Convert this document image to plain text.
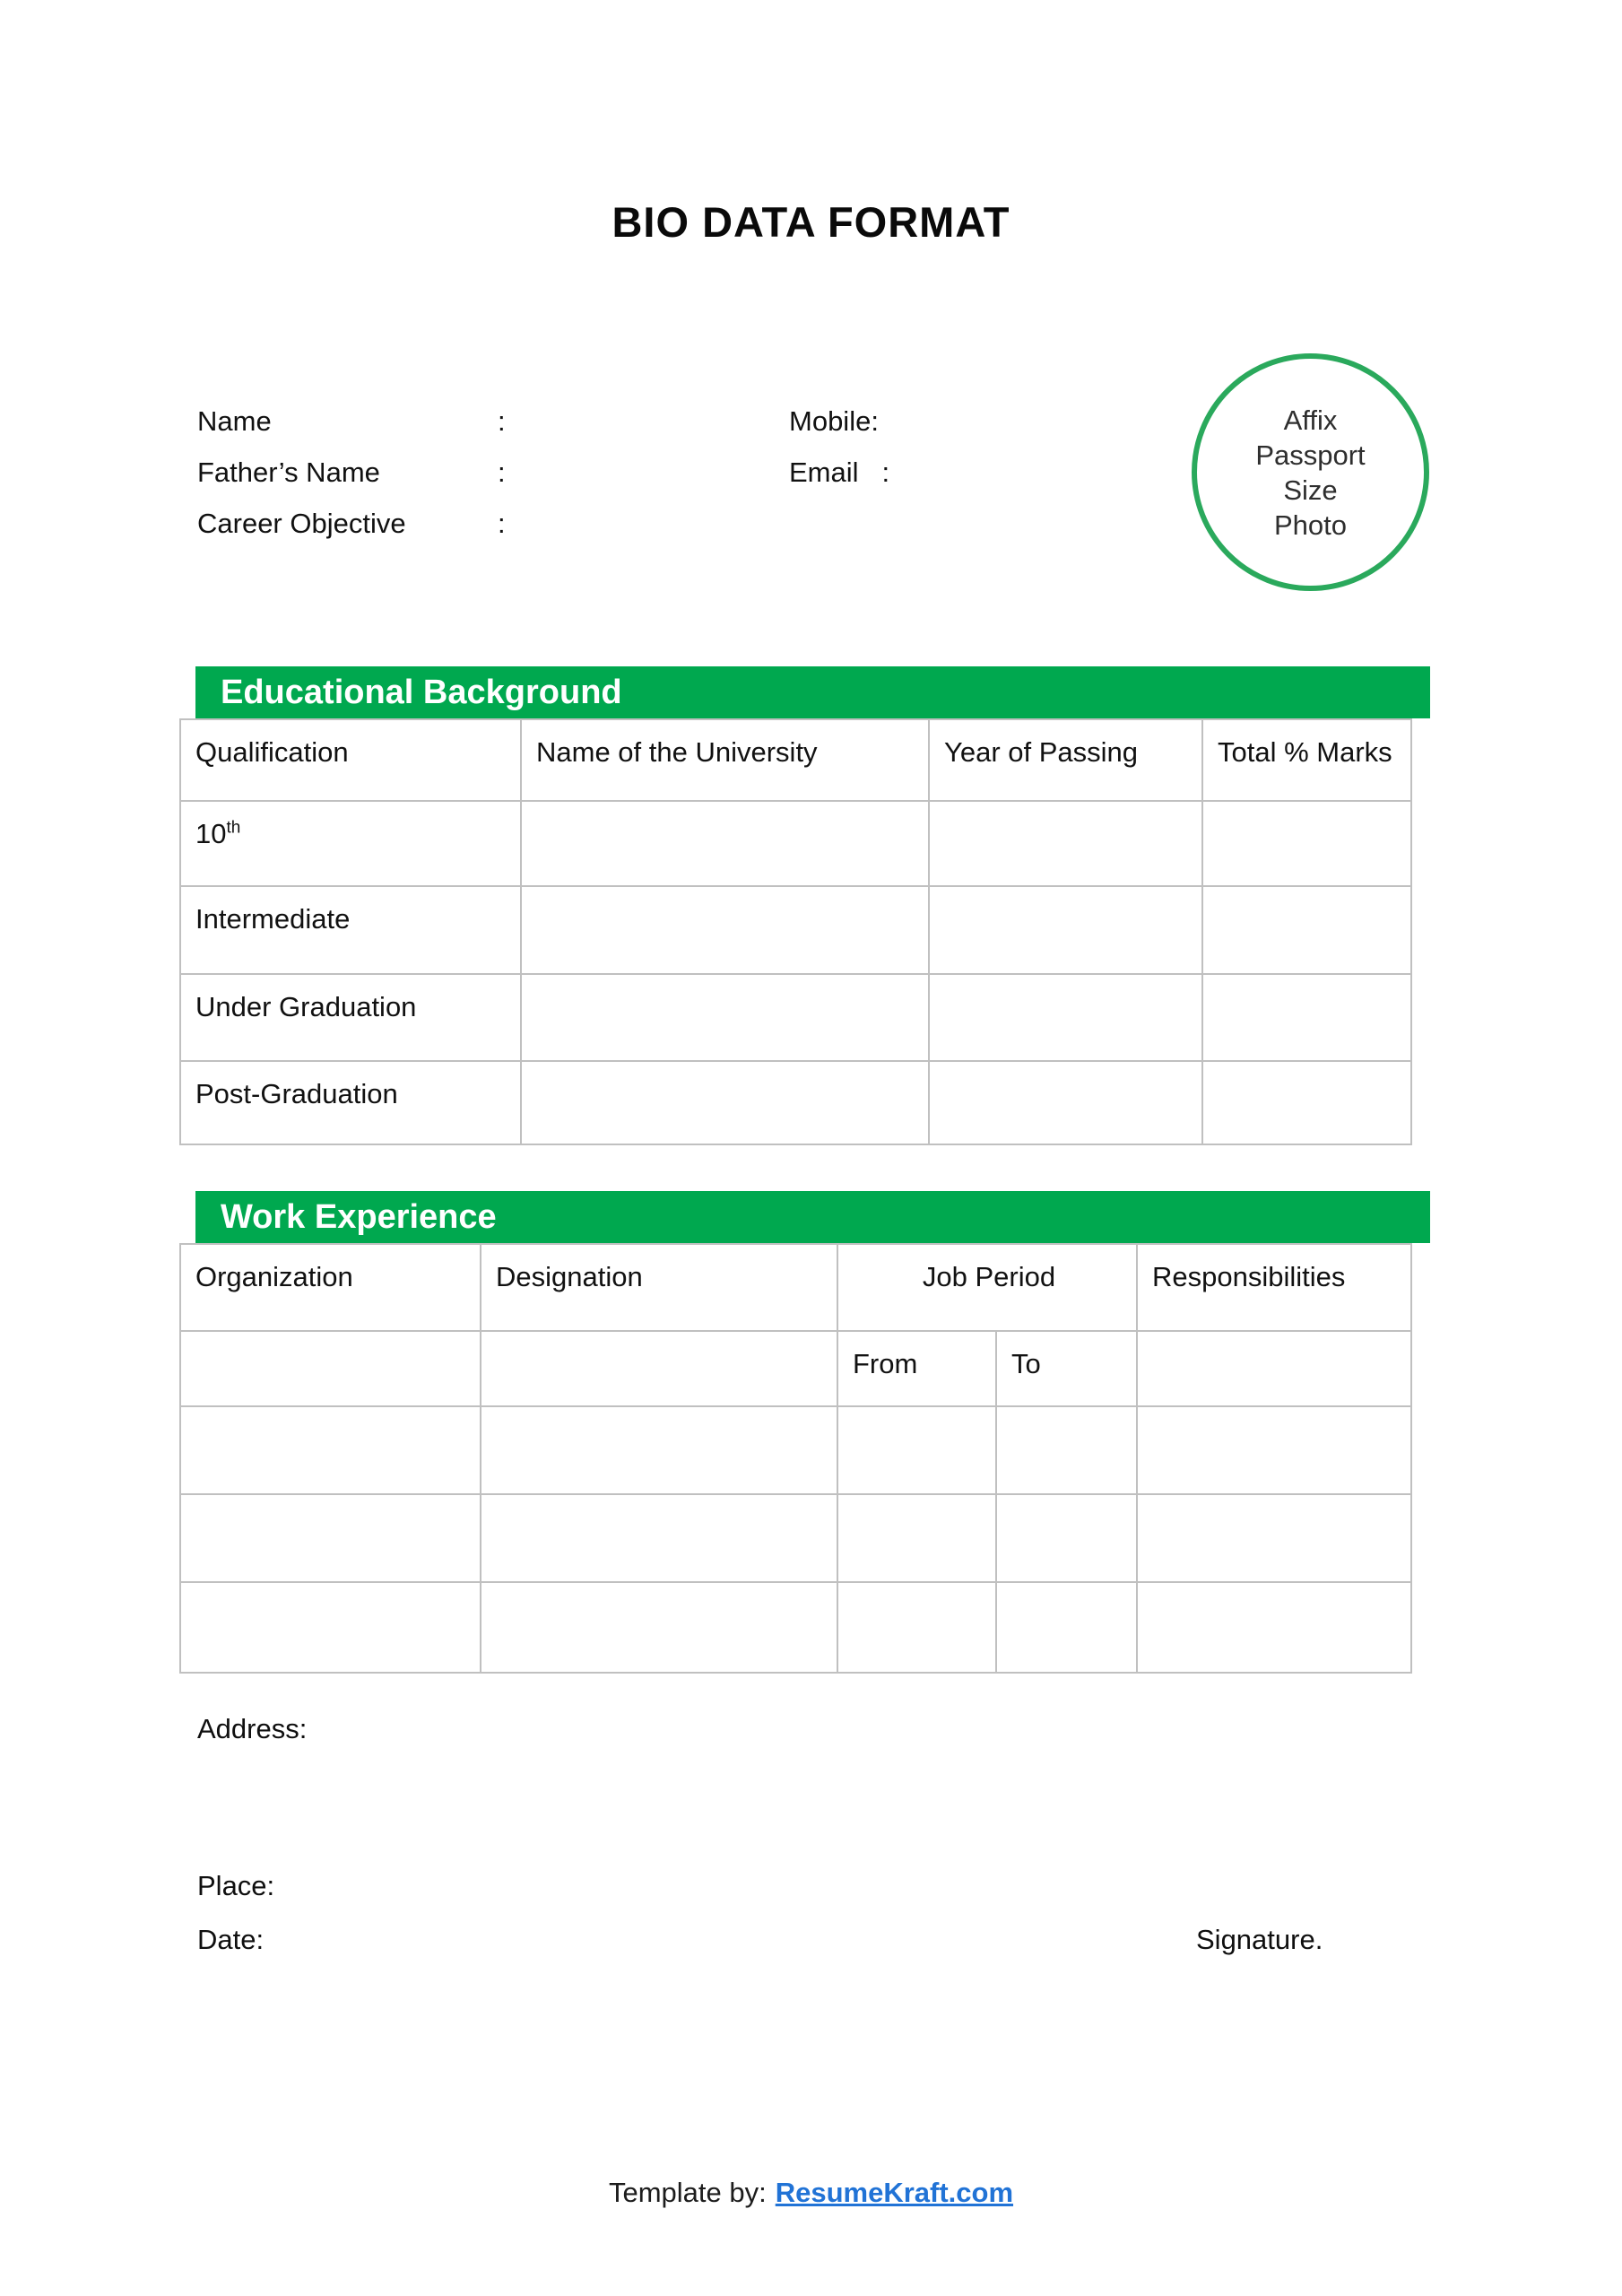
BIO DATA FORMAT
Name	:
Father’s Name	:
Career Objective	:
Mobile:
Email :
Affix
Passport
Size
Photo
Educational Background
Qualification	Name of the University	Year of Passing	Total % Marks
10th			
Intermediate			
Under Graduation			
Post-Graduation			
Work Experience
Organization	Designation	Job Period		Responsibilities
		From	To	

Address:
Place:
Date:	Signature.
Template by: ResumeKraft.com
